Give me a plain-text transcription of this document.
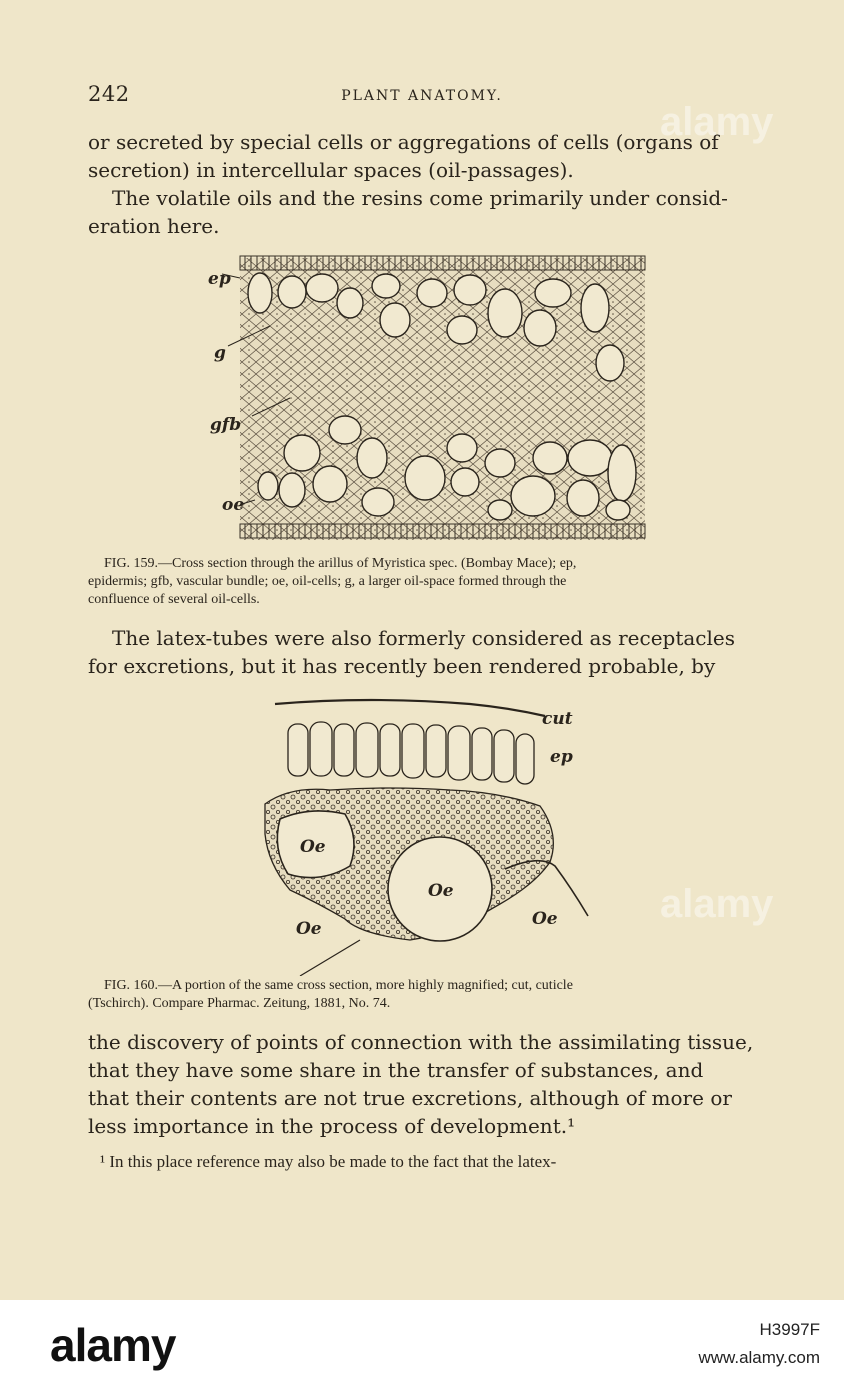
242	PLANT ANATOMY.
or secreted by special cells or aggregations of cells (organs of
secretion) in intercellular spaces (oil-passages).
The volatile oils and the resins come primarily under consid-
eration here.
ep
g
gfb
oe
FIG. 159.—Cross section through the arillus of Myristica spec. (Bombay Mace); ep,
epidermis; gfb, vascular bundle; oe, oil-cells; g, a larger oil-space formed through the
confluence of several oil-cells.
The latex-tubes were also formerly considered as receptacles
for excretions, but it has recently been rendered probable, by
cut
ep
Oe
Oe
Oe
Oe
FIG. 160.—A portion of the same cross section, more highly magnified; cut, cuticle
(Tschirch). Compare Pharmac. Zeitung, 1881, No. 74.
the discovery of points of connection with the assimilating tissue,
that they have some share in the transfer of substances, and
that their contents are not true excretions, although of more or
less importance in the process of development.¹
¹ In this place reference may also be made to the fact that the latex-
alamy
alamy
alamy	H3997F
www.alamy.com
